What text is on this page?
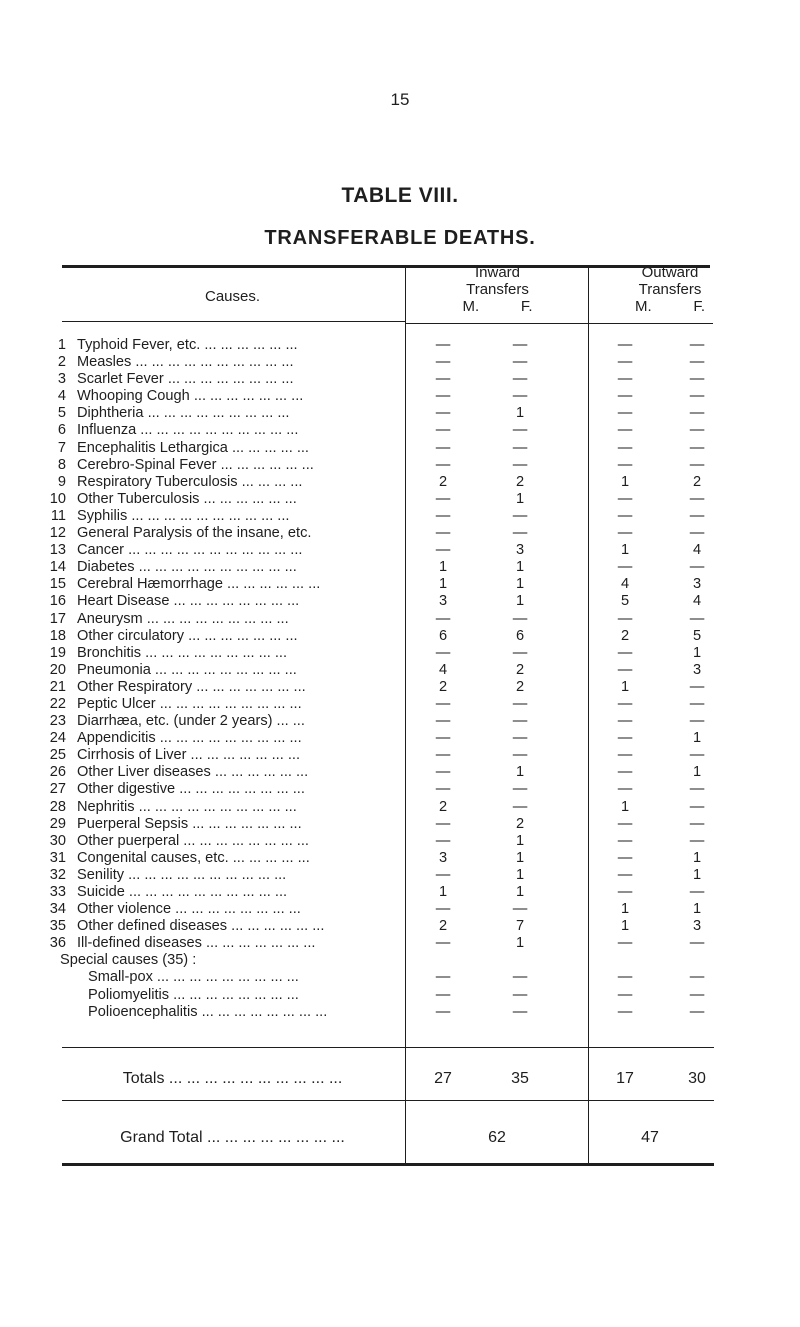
15
TABLE VIII.
TRANSFERABLE DEATHS.
Causes.
Inward
Transfers
M.          F.
Outward
Transfers
M.          F.
1 Typhoid Fever, etc. ... ... ... ... ... ...	—	—	—	—
2 Measles ... ... ... ... ... ... ... ... ... ...	—	—	—	—
3 Scarlet Fever ... ... ... ... ... ... ... ...	—	—	—	—
4 Whooping Cough ... ... ... ... ... ... ...	—	—	—	—
5 Diphtheria ... ... ... ... ... ... ... ... ...	—	1	—	—
6 Influenza ... ... ... ... ... ... ... ... ... ...	—	—	—	—
7 Encephalitis Lethargica ... ... ... ... ...	—	—	—	—
8 Cerebro-Spinal Fever ... ... ... ... ... ...	—	—	—	—
9 Respiratory Tuberculosis ... ... ... ...	2	2	1	2
10 Other Tuberculosis ... ... ... ... ... ...	—	1	—	—
11 Syphilis ... ... ... ... ... ... ... ... ... ...	—	—	—	—
12 General Paralysis of the insane, etc.	—	—	—	—
13 Cancer ... ... ... ... ... ... ... ... ... ... ...	—	3	1	4
14 Diabetes ... ... ... ... ... ... ... ... ... ...	1	1	—	—
15 Cerebral Hæmorrhage ... ... ... ... ... ...	1	1	4	3
16 Heart Disease ... ... ... ... ... ... ... ...	3	1	5	4
17 Aneurysm ... ... ... ... ... ... ... ... ...	—	—	—	—
18 Other circulatory ... ... ... ... ... ... ...	6	6	2	5
19 Bronchitis ... ... ... ... ... ... ... ... ...	—	—	—	1
20 Pneumonia ... ... ... ... ... ... ... ... ...	4	2	—	3
21 Other Respiratory ... ... ... ... ... ... ...	2	2	1	—
22 Peptic Ulcer ... ... ... ... ... ... ... ... ...	—	—	—	—
23 Diarrhæa, etc. (under 2 years) ... ...	—	—	—	—
24 Appendicitis ... ... ... ... ... ... ... ... ...	—	—	—	1
25 Cirrhosis of Liver ... ... ... ... ... ... ...	—	—	—	—
26 Other Liver diseases ... ... ... ... ... ...	—	1	—	1
27 Other digestive ... ... ... ... ... ... ... ...	—	—	—	—
28 Nephritis ... ... ... ... ... ... ... ... ... ...	2	—	1	—
29 Puerperal Sepsis ... ... ... ... ... ... ...	—	2	—	—
30 Other puerperal ... ... ... ... ... ... ... ...	—	1	—	—
31 Congenital causes, etc. ... ... ... ... ...	3	1	—	1
32 Senility ... ... ... ... ... ... ... ... ... ...	—	1	—	1
33 Suicide ... ... ... ... ... ... ... ... ... ...	1	1	—	—
34 Other violence ... ... ... ... ... ... ... ...	—	—	1	1
35 Other defined diseases ... ... ... ... ... ...	2	7	1	3
36 Ill-defined diseases ... ... ... ... ... ... ...	—	1	—	—
Special causes (35) :
Small-pox ... ... ... ... ... ... ... ... ...	—	—	—	—
Poliomyelitis ... ... ... ... ... ... ... ...	—	—	—	—
Polioencephalitis ... ... ... ... ... ... ... ...	—	—	—	—
Totals ... ... ... ... ... ... ... ... ... ...	27	35	17	30
Grand Total ... ... ... ... ... ... ... ...	62	47
